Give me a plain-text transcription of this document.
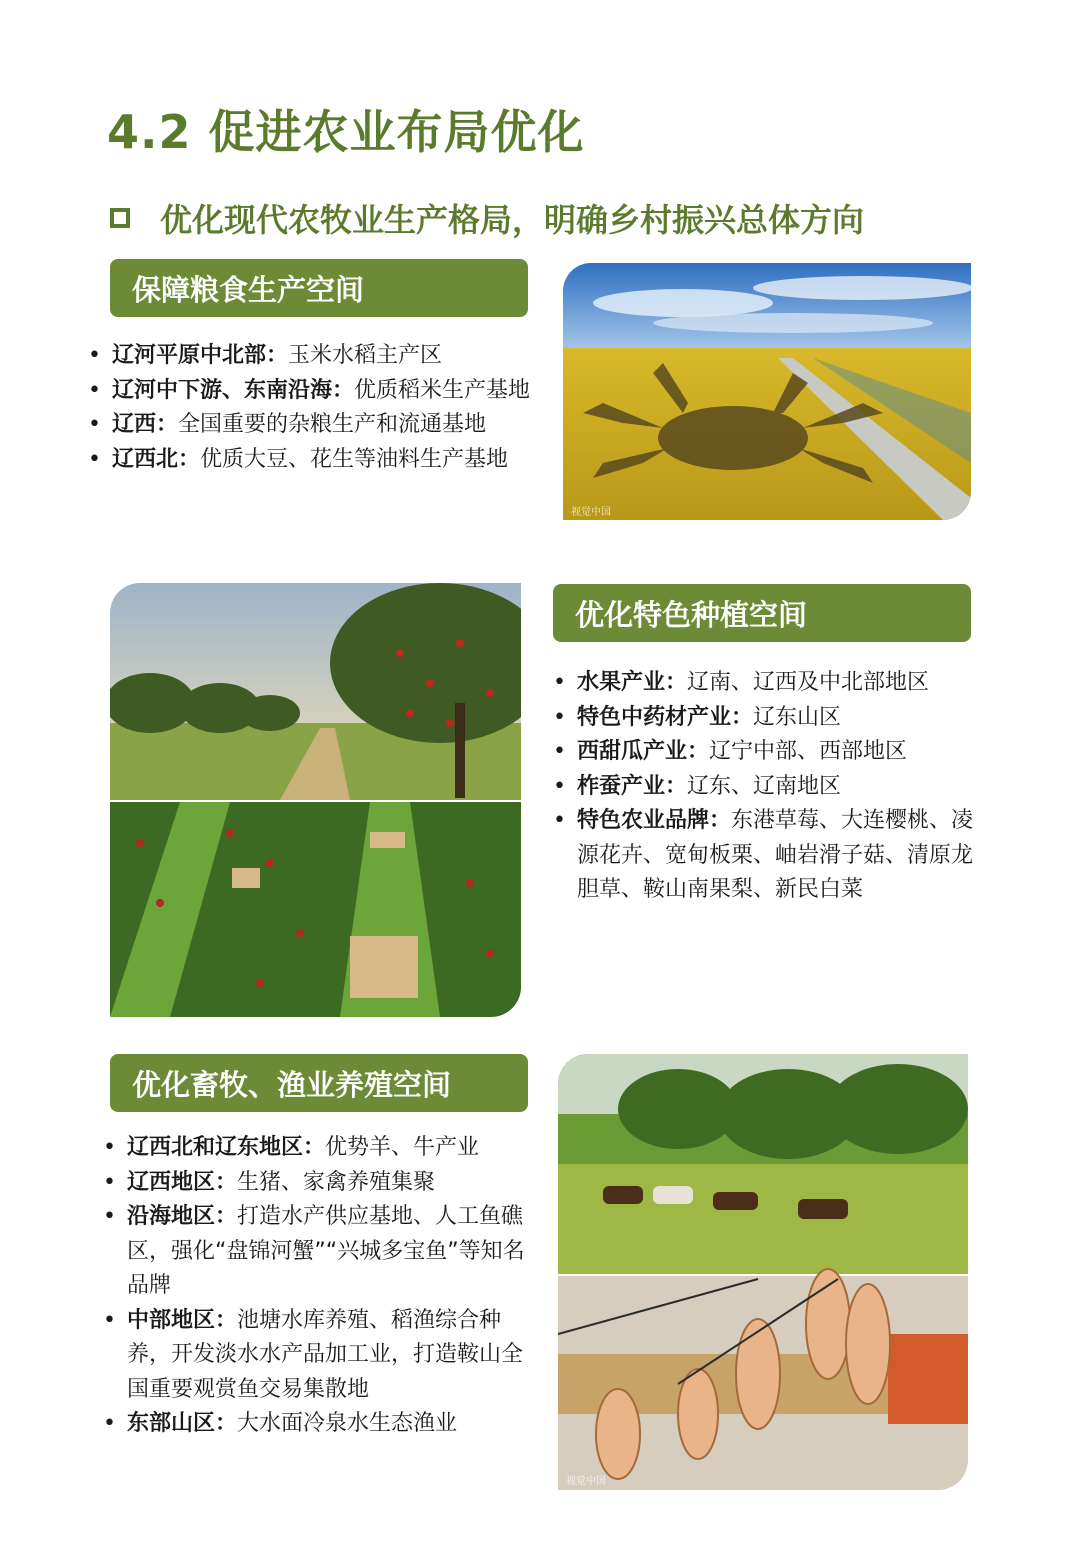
4.2 促进农业布局优化
优化现代农牧业生产格局，明确乡村振兴总体方向
保障粮食生产空间
• 辽河平原中北部：玉米水稻主产区
• 辽河中下游、东南沿海：优质稻米生产基地
• 辽西：全国重要的杂粮生产和流通基地
• 辽西北：优质大豆、花生等油料生产基地
视觉中国
优化特色种植空间
• 水果产业：辽南、辽西及中北部地区
• 特色中药材产业：辽东山区
• 西甜瓜产业：辽宁中部、西部地区
• 柞蚕产业：辽东、辽南地区
• 特色农业品牌：东港草莓、大连樱桃、凌源花卉、宽甸板栗、岫岩滑子菇、清原龙胆草、鞍山南果梨、新民白菜
优化畜牧、渔业养殖空间
• 辽西北和辽东地区：优势羊、牛产业
• 辽西地区：生猪、家禽养殖集聚
• 沿海地区：打造水产供应基地、人工鱼礁区，强化“盘锦河蟹”“兴城多宝鱼”等知名品牌
• 中部地区：池塘水库养殖、稻渔综合种养，开发淡水水产品加工业，打造鞍山全国重要观赏鱼交易集散地
• 东部山区：大水面冷泉水生态渔业
视觉中国
